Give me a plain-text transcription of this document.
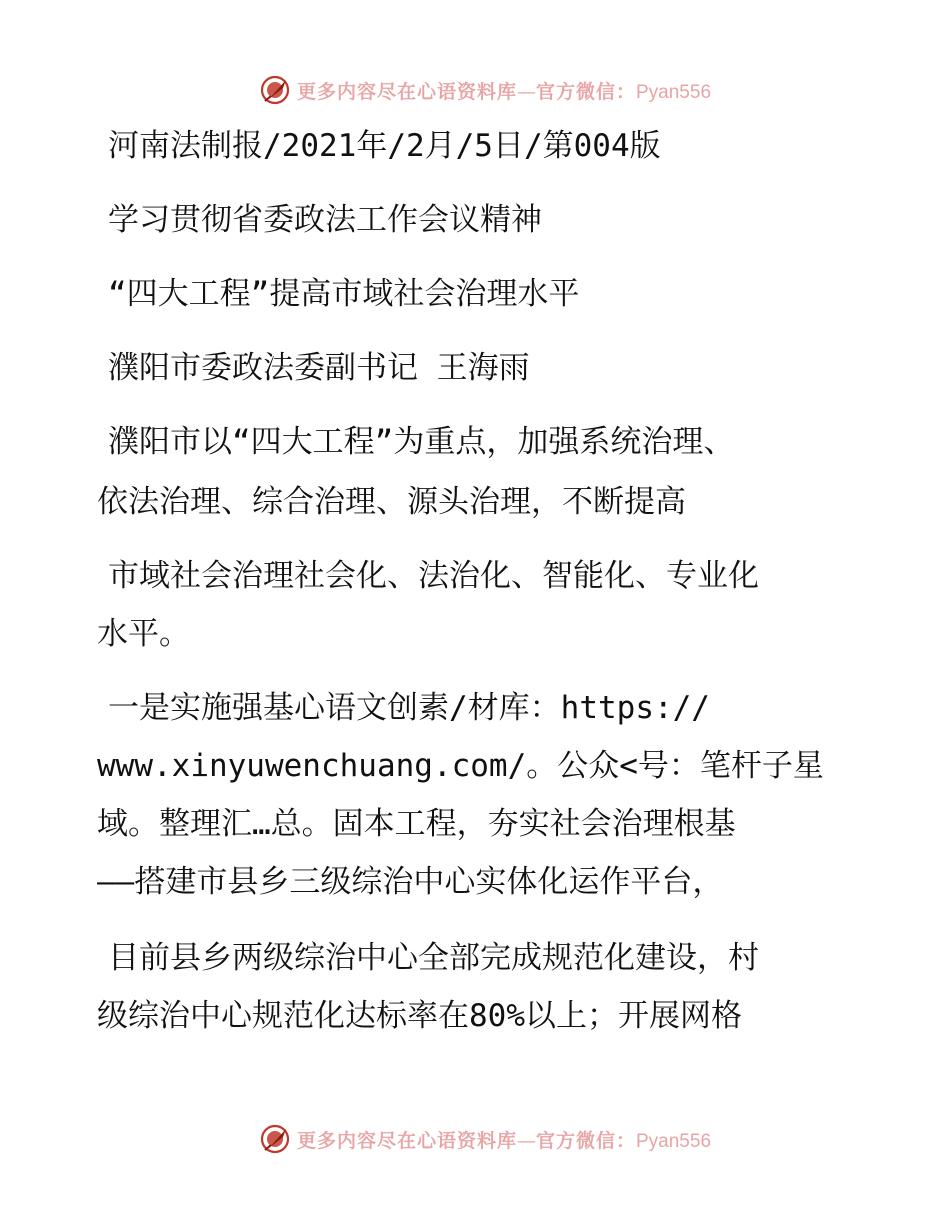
更多内容尽在心语资料库—官方微信：Pyan556
河南法制报/2021年/2月/5日/第004版
学习贯彻省委政法工作会议精神
“四大工程”提高市域社会治理水平
濮阳市委政法委副书记 王海雨
濮阳市以“四大工程”为重点，加强系统治理、
依法治理、综合治理、源头治理，不断提高
市域社会治理社会化、法治化、智能化、专业化
水平。
一是实施强基心语文创素/材库：https://
www.xinyuwenchuang.com/。公众<号：笔杆子星
域。整理汇…总。固本工程，夯实社会治理根基
——搭建市县乡三级综治中心实体化运作平台，
目前县乡两级综治中心全部完成规范化建设，村
级综治中心规范化达标率在80%以上；开展网格
更多内容尽在心语资料库—官方微信：Pyan556
